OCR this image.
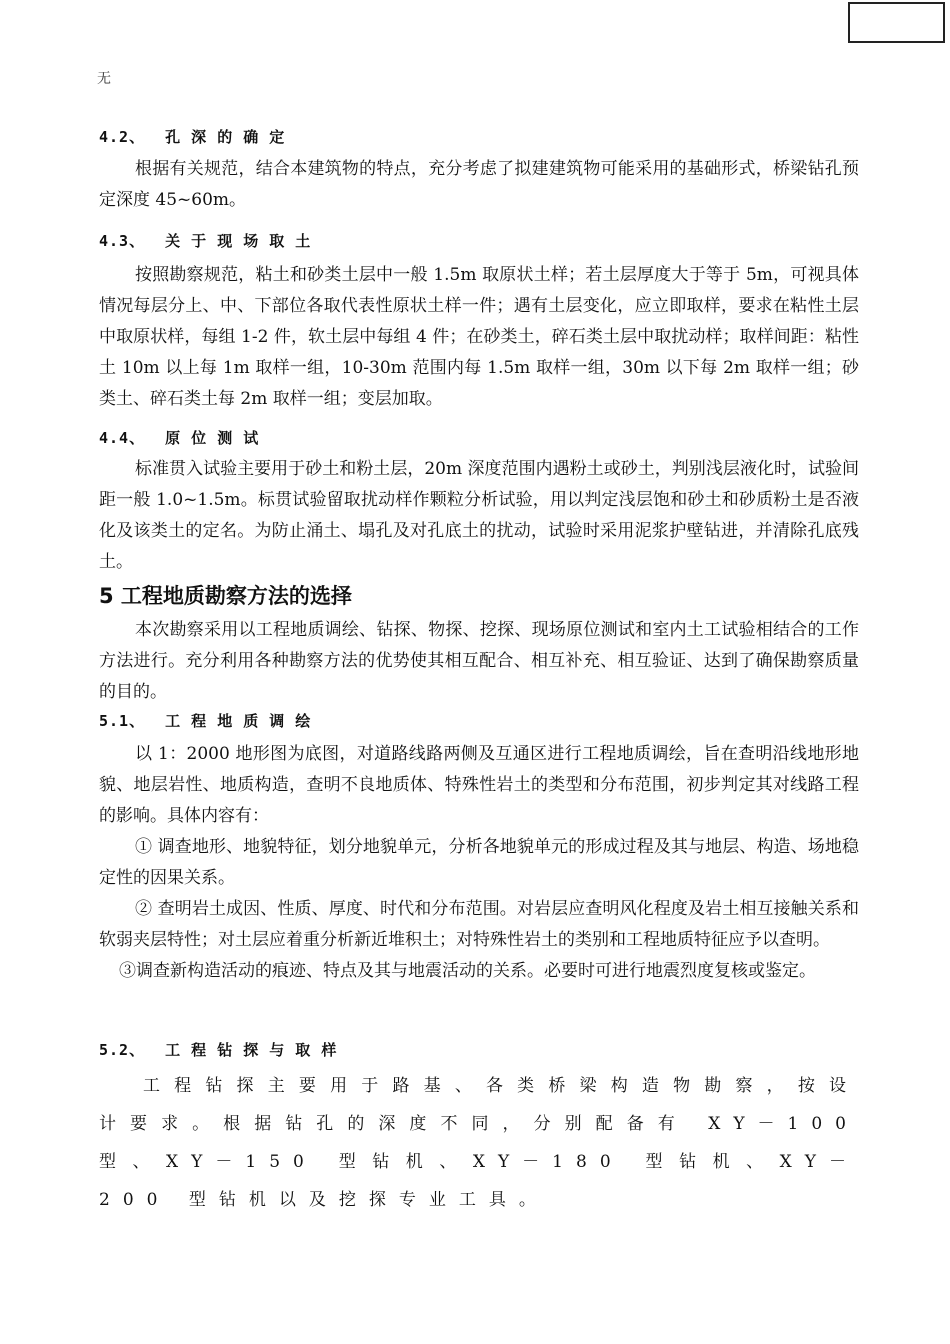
无
4.2、  孔 深 的 确 定

根据有关规范，结合本建筑物的特点，充分考虑了拟建建筑物可能采用的基础形式，桥梁钻孔预定深度 45~60m。

4.3、  关 于 现 场 取 土

按照勘察规范，粘土和砂类土层中一般 1.5m 取原状土样；若土层厚度大于等于 5m，可视具体情况每层分上、中、下部位各取代表性原状土样一件；遇有土层变化，应立即取样，要求在粘性土层中取原状样，每组 1-2 件，软土层中每组 4 件；在砂类土，碎石类土层中取扰动样；取样间距：粘性土 10m 以上每 1m 取样一组，10-30m 范围内每 1.5m 取样一组，30m 以下每 2m 取样一组；砂类土、碎石类土每 2m 取样一组；变层加取。

4.4、  原 位 测 试

标准贯入试验主要用于砂土和粉土层，20m 深度范围内遇粉土或砂土，判别浅层液化时，试验间距一般 1.0~1.5m。标贯试验留取扰动样作颗粒分析试验，用以判定浅层饱和砂土和砂质粉土是否液化及该类土的定名。为防止涌土、塌孔及对孔底土的扰动，试验时采用泥浆护壁钻进，并清除孔底残土。

5 工程地质勘察方法的选择

本次勘察采用以工程地质调绘、钻探、物探、挖探、现场原位测试和室内土工试验相结合的工作方法进行。充分利用各种勘察方法的优势使其相互配合、相互补充、相互验证、达到了确保勘察质量的目的。

5.1、  工 程 地 质 调 绘

以 1：2000 地形图为底图，对道路线路两侧及互通区进行工程地质调绘，旨在查明沿线地形地貌、地层岩性、地质构造，查明不良地质体、特殊性岩土的类型和分布范围，初步判定其对线路工程的影响。具体内容有：

① 调查地形、地貌特征，划分地貌单元，分析各地貌单元的形成过程及其与地层、构造、场地稳定性的因果关系。

② 查明岩土成因、性质、厚度、时代和分布范围。对岩层应查明风化程度及岩土相互接触关系和软弱夹层特性；对土层应着重分析新近堆积土；对特殊性岩土的类别和工程地质特征应予以查明。

③调查新构造活动的痕迹、特点及其与地震活动的关系。必要时可进行地震烈度复核或鉴定。

5.2、  工 程 钻 探 与 取 样

工程钻探主要用于路基、各类桥梁构造物勘察，按设计要求。根据钻孔的深度不同，分别配备有 XY－100 型、XY－150 型钻机、XY－180 型钻机、XY－200 型钻机以及挖探专业工具。
